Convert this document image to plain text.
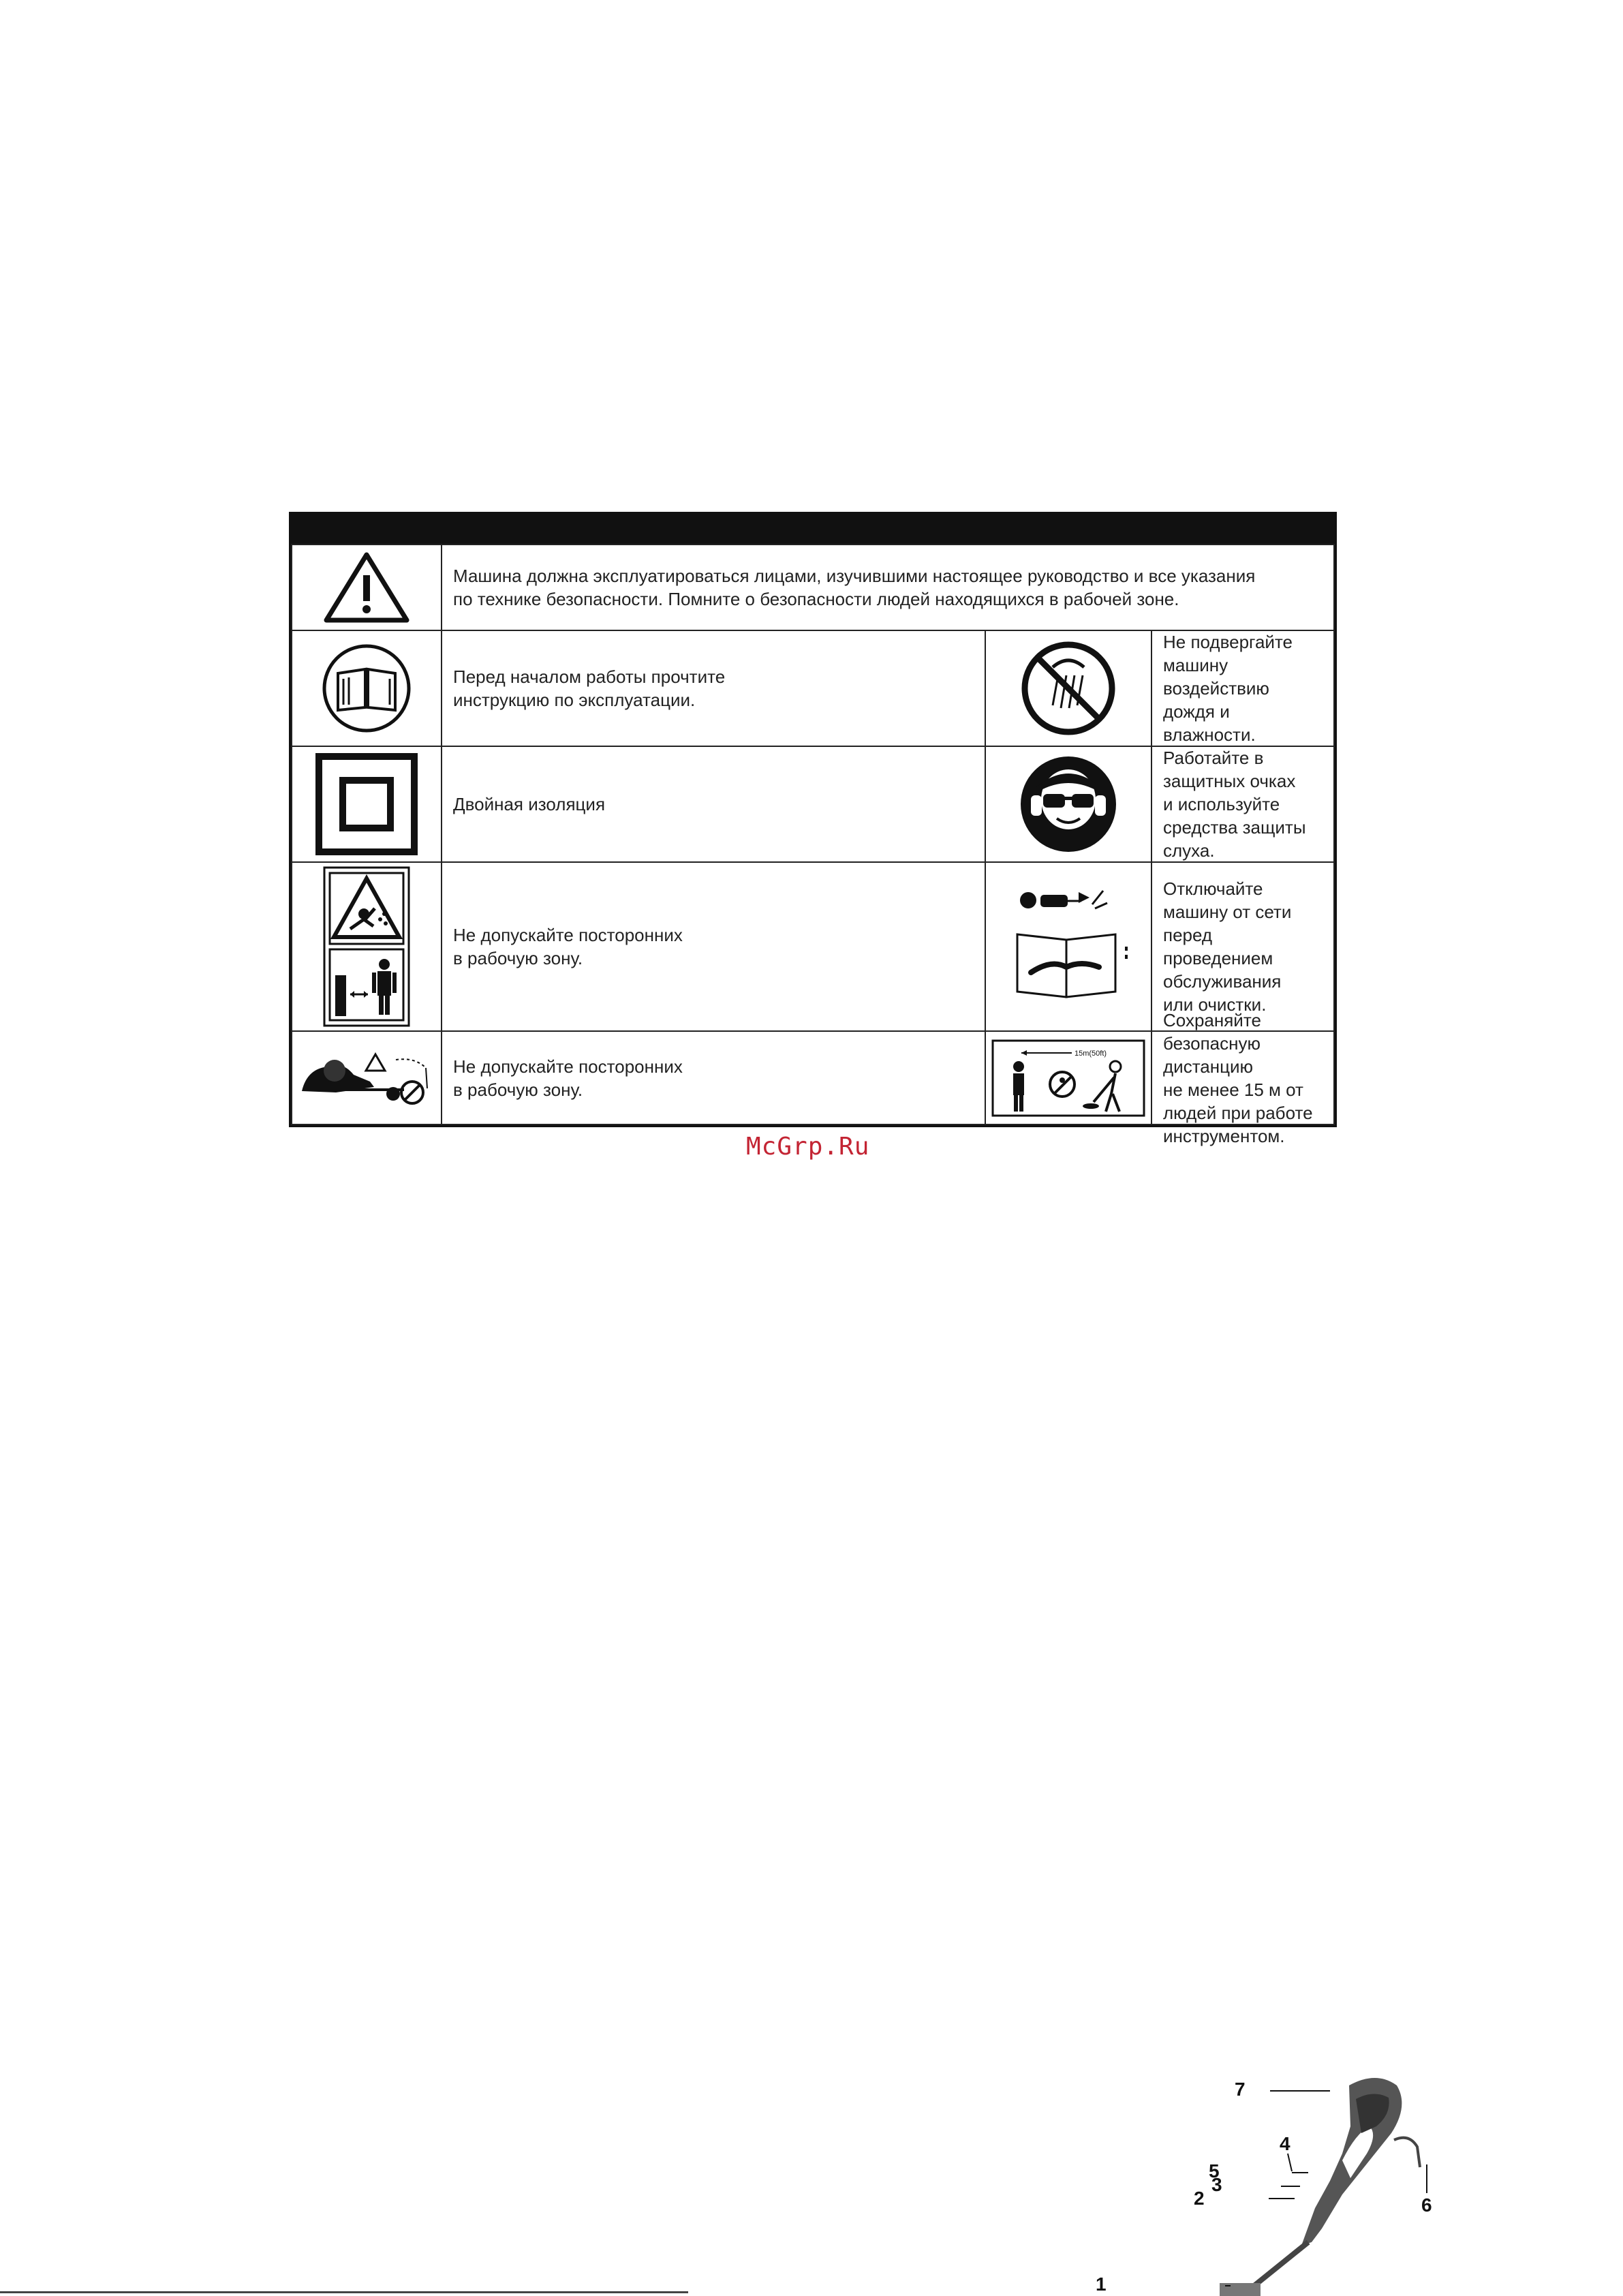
Машина должна эксплуатироваться лицами, изучившими настоящее руководство и все указания
по технике безопасности. Помните о безопасности людей находящихся в рабочей зоне.
Перед началом работы прочтите
инструкцию по эксплуатации.
Не подвергайте машину
воздействию дождя и влажности.
Двойная изоляция
Работайте в защитных очках
и используйте средства защиты
слуха.
Не допускайте посторонних
в рабочую зону.
Отключайте машину от сети
перед проведением обслуживания
или очистки.
Не допускайте посторонних
в рабочую зону.
15m(50ft)	безопасную дистанцию
не менее 15 м от людей при работе
инструментом.
McGrp.Ru
7
4
5
3
2	6
1
